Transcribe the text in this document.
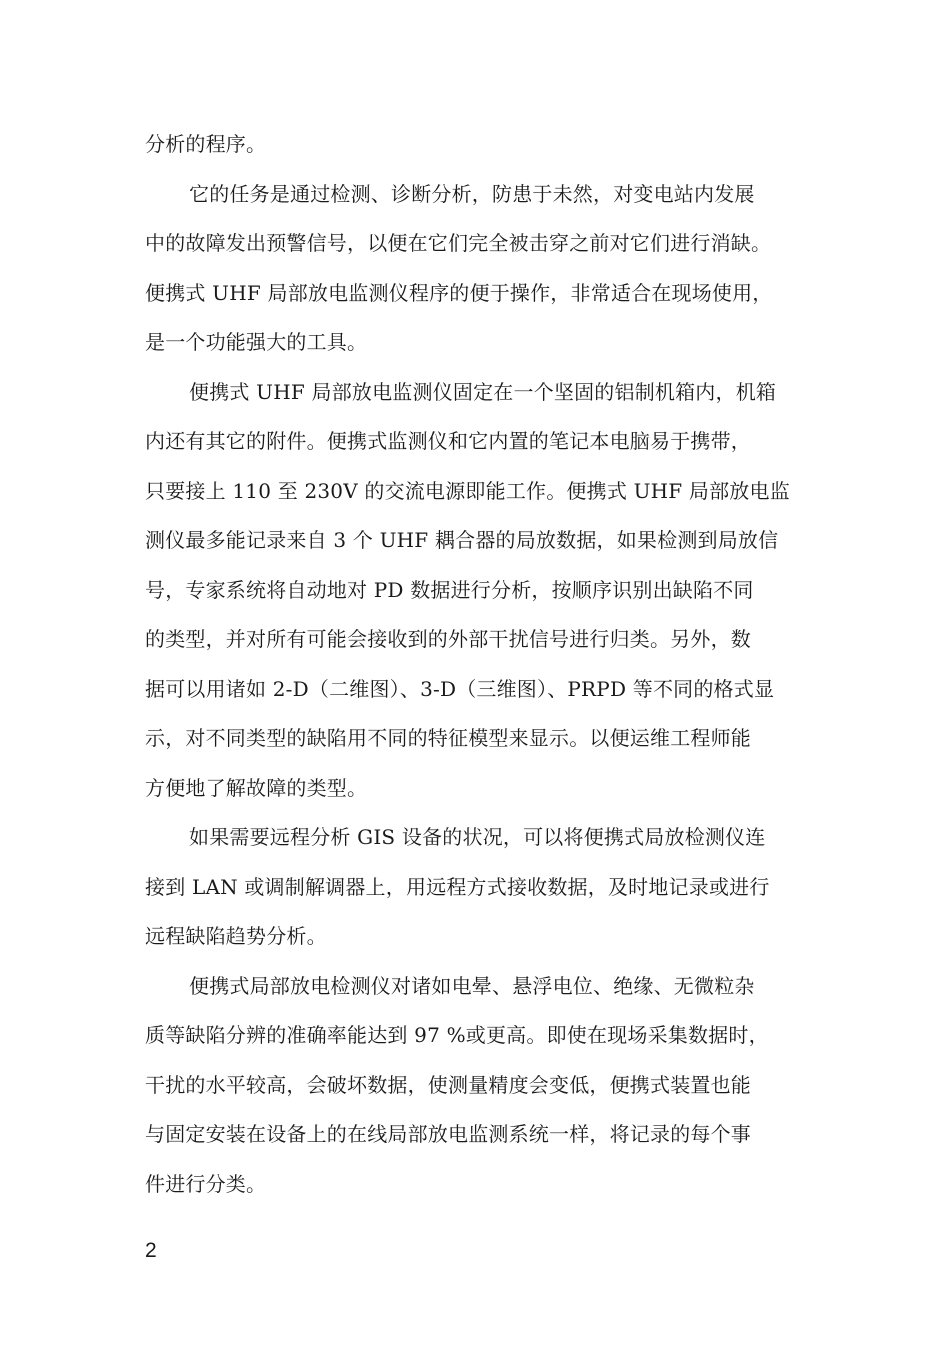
分析的程序。
它的任务是通过检测、诊断分析，防患于未然，对变电站内发展
中的故障发出预警信号，以便在它们完全被击穿之前对它们进行消缺。
便携式 UHF 局部放电监测仪程序的便于操作，非常适合在现场使用，
是一个功能强大的工具。
便携式 UHF 局部放电监测仪固定在一个坚固的铝制机箱内，机箱
内还有其它的附件。便携式监测仪和它内置的笔记本电脑易于携带，
只要接上 110 至 230V 的交流电源即能工作。便携式 UHF 局部放电监
测仪最多能记录来自 3 个 UHF 耦合器的局放数据，如果检测到局放信
号，专家系统将自动地对 PD 数据进行分析，按顺序识别出缺陷不同
的类型，并对所有可能会接收到的外部干扰信号进行归类。另外，数
据可以用诸如 2-D（二维图）、3-D（三维图）、PRPD 等不同的格式显
示，对不同类型的缺陷用不同的特征模型来显示。以便运维工程师能
方便地了解故障的类型。
如果需要远程分析 GIS 设备的状况，可以将便携式局放检测仪连
接到 LAN 或调制解调器上，用远程方式接收数据，及时地记录或进行
远程缺陷趋势分析。
便携式局部放电检测仪对诸如电晕、悬浮电位、绝缘、无微粒杂
质等缺陷分辨的准确率能达到 97 %或更高。即使在现场采集数据时，
干扰的水平较高，会破坏数据，使测量精度会变低，便携式装置也能
与固定安装在设备上的在线局部放电监测系统一样，将记录的每个事
件进行分类。
2
